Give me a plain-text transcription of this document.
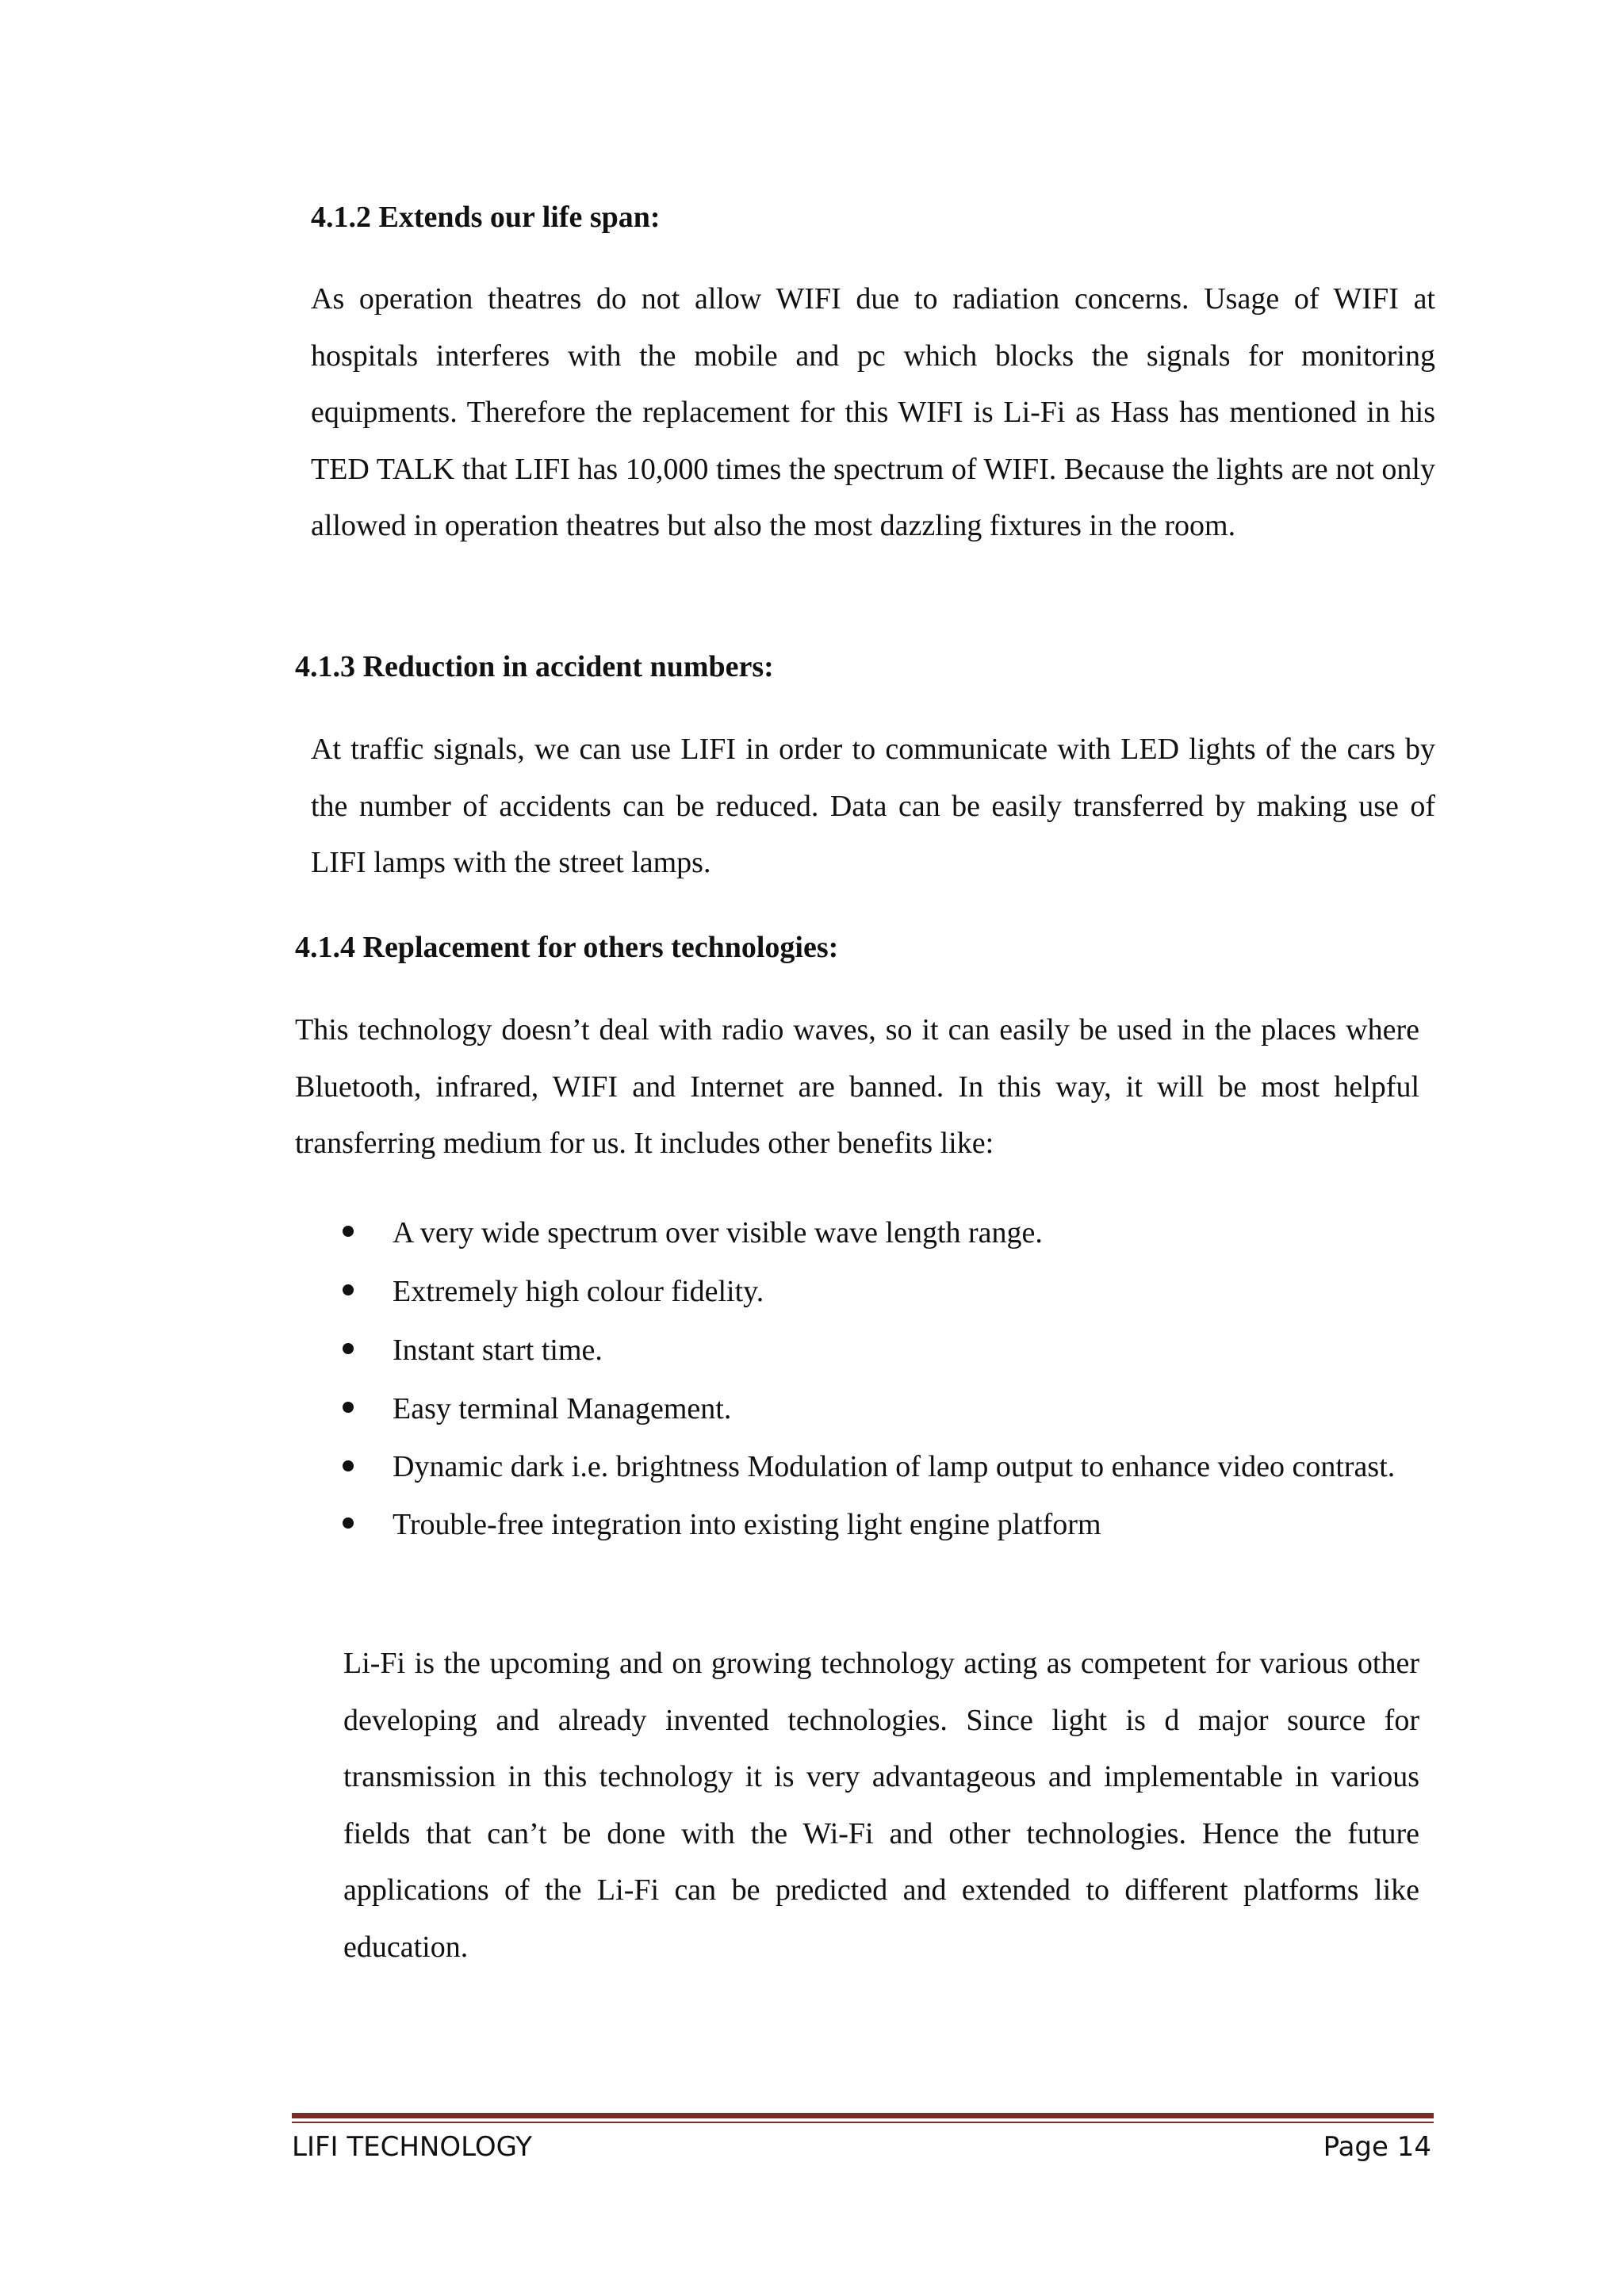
4.1.2 Extends our life span:
As operation theatres do not allow WIFI due to radiation concerns. Usage of WIFI at hospitals interferes with the mobile and pc which blocks the signals for monitoring equipments. Therefore the replacement for this WIFI is Li-Fi as Hass has mentioned in his TED TALK that LIFI has 10,000 times the spectrum of WIFI. Because the lights are not only allowed in operation theatres but also the most dazzling fixtures in the room.
4.1.3 Reduction in accident numbers:
At traffic signals, we can use LIFI in order to communicate with LED lights of the cars by the number of accidents can be reduced. Data can be easily transferred by making use of LIFI lamps with the street lamps.
4.1.4 Replacement for others technologies:
This technology doesn’t deal with radio waves, so it can easily be used in the places where Bluetooth, infrared, WIFI and Internet are banned. In this way, it will be most helpful transferring medium for us. It includes other benefits like:
A very wide spectrum over visible wave length range.
Extremely high colour fidelity.
Instant start time.
Easy terminal Management.
Dynamic dark i.e. brightness Modulation of lamp output to enhance video contrast.
Trouble-free integration into existing light engine platform
Li-Fi is the upcoming and on growing technology acting as competent for various other developing and already invented technologies. Since light is d major source for transmission in this technology it is very advantageous and implementable in various fields that can’t be done with the Wi-Fi and other technologies. Hence the future applications of the Li-Fi can be predicted and extended to different platforms like education.
LIFI TECHNOLOGY	Page 14
